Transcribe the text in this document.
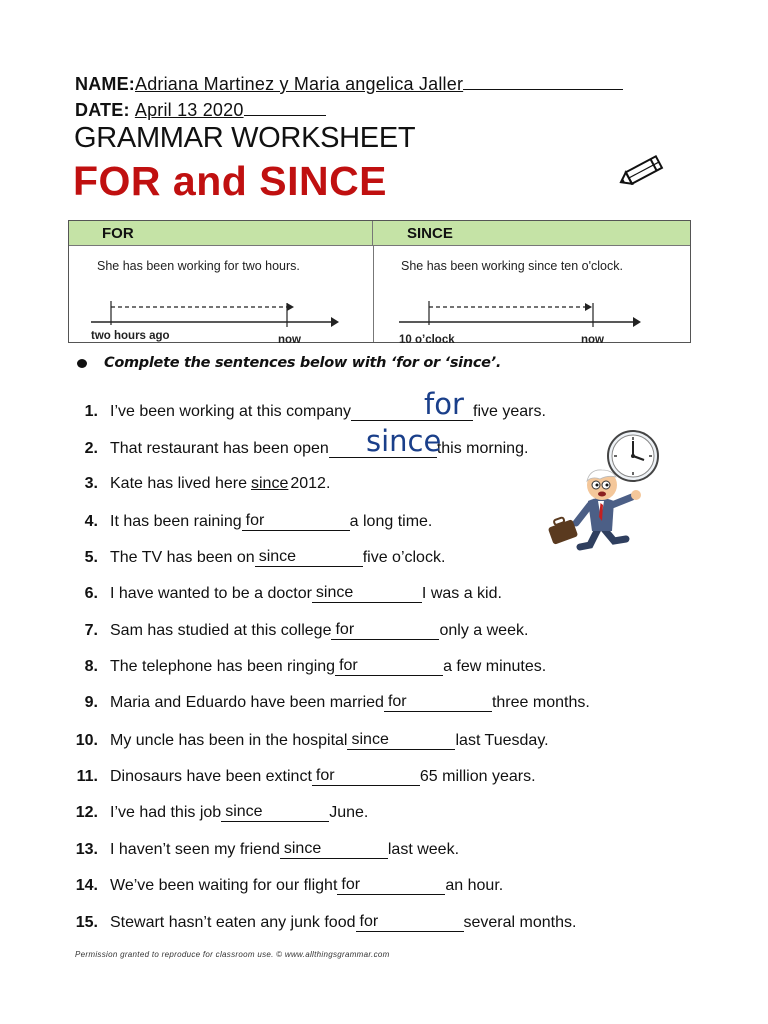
NAME:Adriana Martinez y Maria angelica Jaller
DATE: April 13 2020
GRAMMAR WORKSHEET
FOR and SINCE
FOR	SINCE
She has been working for two hours.
two hours ago	now
She has been working since ten o'clock.
10 o’clock	now
Complete the sentences below with ‘for or ‘since’.
1. I’ve been working at this company	five years.
2. That restaurant has been open	this morning.
3. Kate has lived here since 2012.
4. It has been raining for	a long time.
5. The TV has been on since	five o’clock.
6. I have wanted to be a doctor since	I was a kid.
7. Sam has studied at this college for	only a week.
8. The telephone has been ringing for	a few minutes.
9. Maria and Eduardo have been married for	three months.
10. My uncle has been in the hospital since	last Tuesday.
11. Dinosaurs have been extinct for	65 million years.
12. I’ve had this job since	June.
13. I haven’t seen my friend since	last week.
14. We’ve been waiting for our flight for	an hour.
15. Stewart hasn’t eaten any junk food for	several months.
for
since
Permission granted to reproduce for classroom use. © www.allthingsgrammar.com
